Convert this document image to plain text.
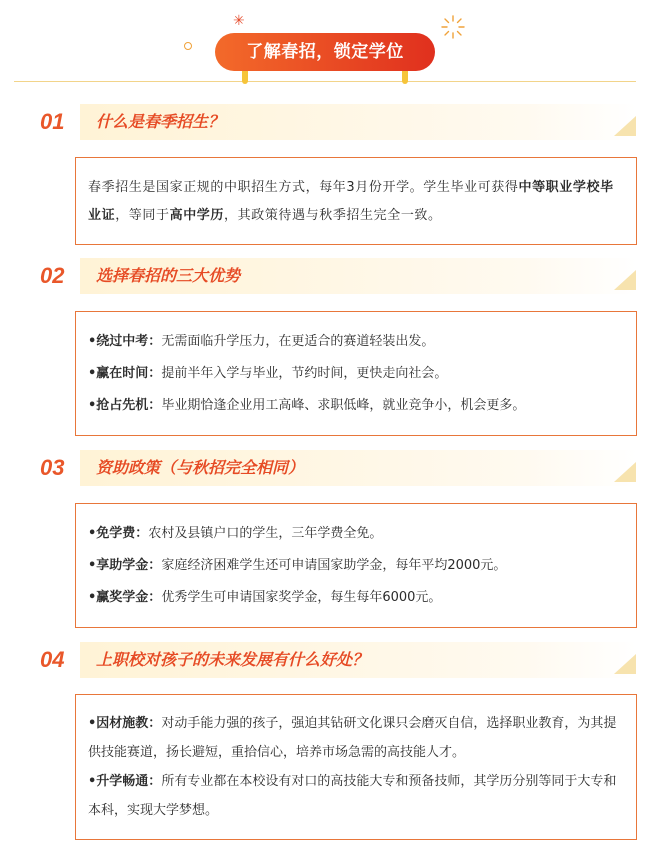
✳
了解春招，锁定学位
01 什么是春季招生？

春季招生是国家正规的中职招生方式，每年3月份开学。学生毕业可获得中等职业学校毕业证，等同于高中学历，其政策待遇与秋季招生完全一致。

02 选择春招的三大优势

•绕过中考：无需面临升学压力，在更适合的赛道轻装出发。

•赢在时间：提前半年入学与毕业，节约时间，更快走向社会。

•抢占先机：毕业期恰逢企业用工高峰、求职低峰，就业竞争小，机会更多。

03 资助政策（与秋招完全相同）

•免学费：农村及县镇户口的学生，三年学费全免。

•享助学金：家庭经济困难学生还可申请国家助学金，每年平均2000元。

•赢奖学金：优秀学生可申请国家奖学金，每生每年6000元。

04 上职校对孩子的未来发展有什么好处？

•因材施教：对动手能力强的孩子，强迫其钻研文化课只会磨灭自信，选择职业教育，为其提供技能赛道，扬长避短，重拾信心，培养市场急需的高技能人才。

•升学畅通：所有专业都在本校设有对口的高技能大专和预备技师，其学历分别等同于大专和本科，实现大学梦想。
